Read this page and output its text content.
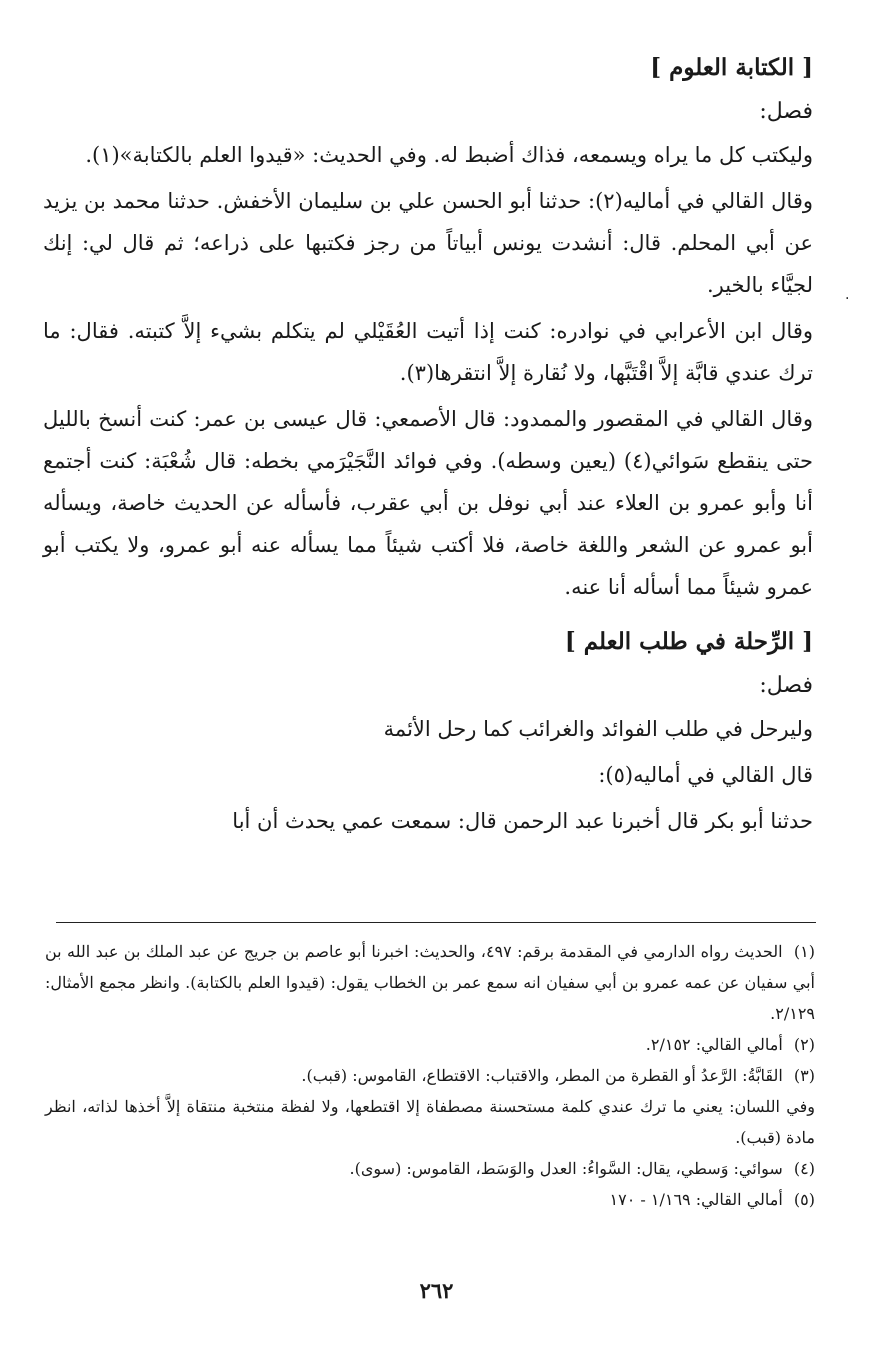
[ الكتابة العلوم ]

فصل:

وليكتب كل ما يراه ويسمعه، فذاك أضبط له. وفي الحديث: «قيدوا العلم بالكتابة»(١).

وقال القالي في أماليه(٢): حدثنا أبو الحسن علي بن سليمان الأخفش. حدثنا محمد بن يزيد عن أبي المحلم. قال: أنشدت يونس أبياتاً من رجز فكتبها على ذراعه؛ ثم قال لي: إنك لجيَّاء بالخير.

وقال ابن الأعرابي في نوادره: كنت إذا أتيت العُقَيْلي لم يتكلم بشيء إلاَّ كتبته. فقال: ما ترك عندي قابَّة إلاَّ اقْتَبَّها، ولا نُقارة إلاَّ انتقرها(٣).

وقال القالي في المقصور والممدود: قال الأصمعي: قال عيسى بن عمر: كنت أنسخ بالليل حتى ينقطع سَوائي(٤) (يعين وسطه). وفي فوائد النَّجَيْرَمي بخطه: قال شُعْبَة: كنت أجتمع أنا وأبو عمرو بن العلاء عند أبي نوفل بن أبي عقرب، فأسأله عن الحديث خاصة، ويسأله أبو عمرو عن الشعر واللغة خاصة، فلا أكتب شيئاً مما يسأله عنه أبو عمرو، ولا يكتب أبو عمرو شيئاً مما أسأله أنا عنه.

[ الرِّحلة في طلب العلم ]

فصل:

وليرحل في طلب الفوائد والغرائب كما رحل الأئمة

قال القالي في أماليه(٥):

حدثنا أبو بكر قال أخبرنا عبد الرحمن قال: سمعت عمي يحدث أن أبا

٠

(١) الحديث رواه الدارمي في المقدمة برقم: ٤٩٧، والحديث: اخبرنا أبو عاصم بن جريج عن عبد الملك بن عبد الله بن أبي سفيان عن عمه عمرو بن أبي سفيان انه سمع عمر بن الخطاب يقول: (قيدوا العلم بالكتابة). وانظر مجمع الأمثال: ٢/١٢٩.

(٢) أمالي القالي: ٢/١٥٢.

(٣) القَابَّةُ: الرَّعدُ أو القطرة من المطر، والاقتباب: الاقتطاع، القاموس: (قبب).

وفي اللسان: يعني ما ترك عندي كلمة مستحسنة مصطفاة إلا اقتطعها، ولا لفظة منتخبة منتقاة إلاَّ أخذها لذاته، انظر مادة (قبب).

(٤) سوائي: وَسطي، يقال: السَّواءُ: العدل والوَسَط، القاموس: (سوى).

(٥) أمالي القالي: ١/١٦٩ - ١٧٠

٢٦٢
